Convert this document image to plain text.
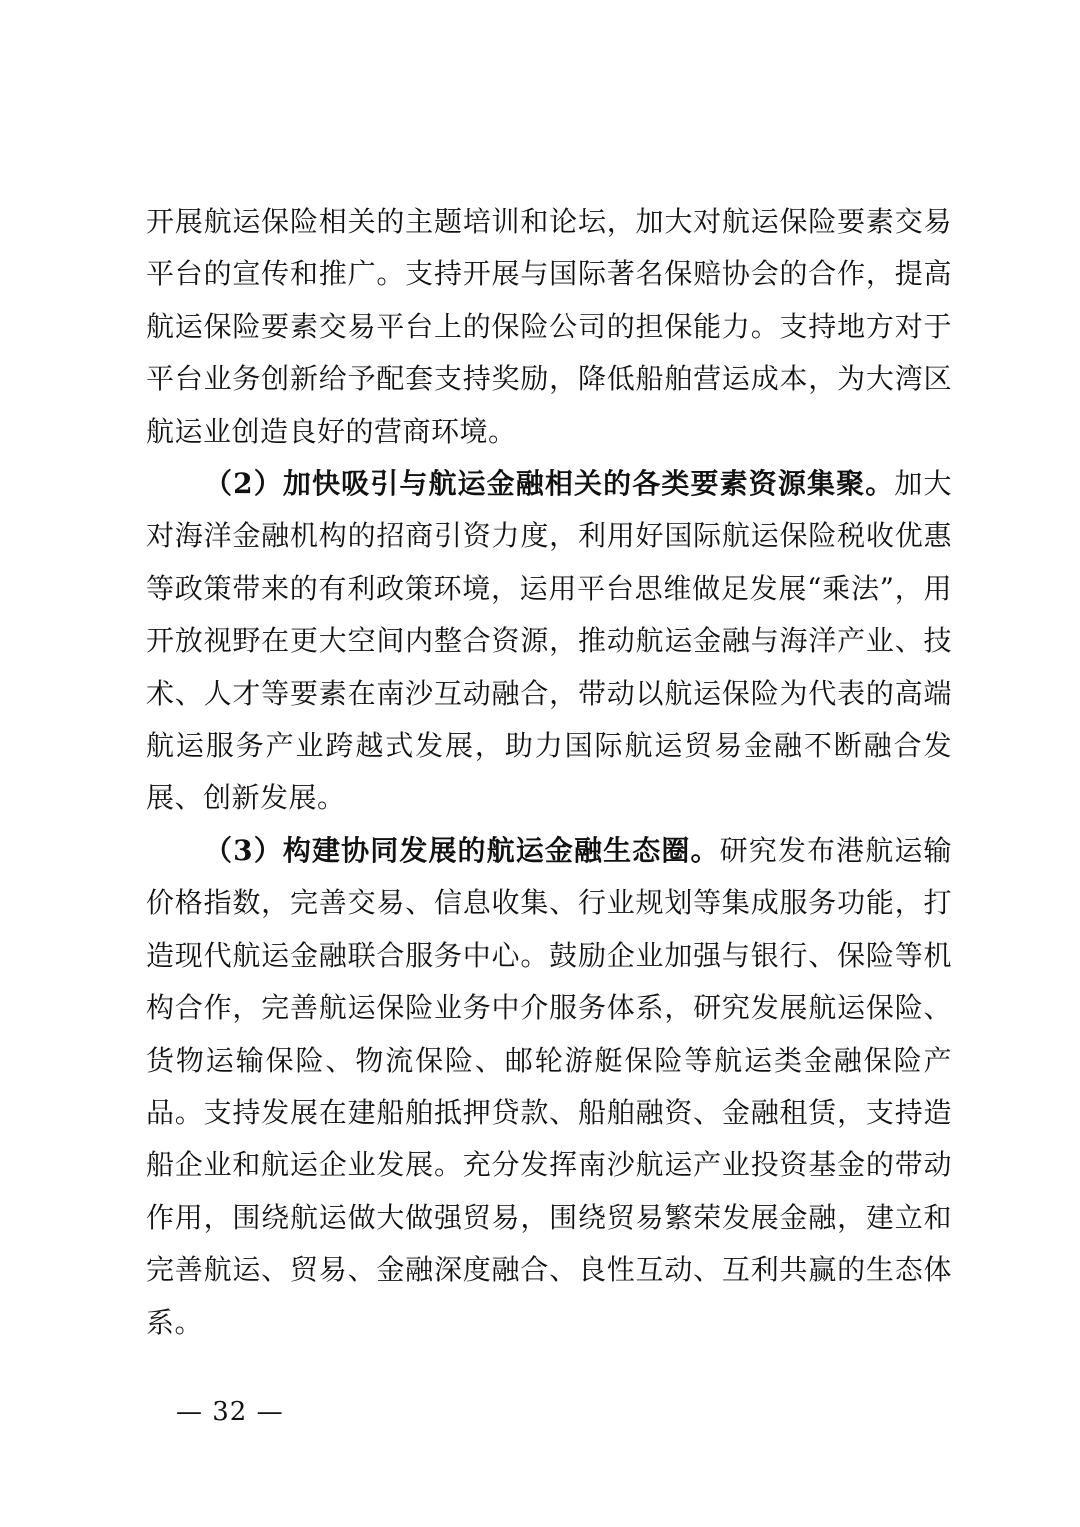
开展航运保险相关的主题培训和论坛，加大对航运保险要素交易平台的宣传和推广。支持开展与国际著名保赔协会的合作，提高航运保险要素交易平台上的保险公司的担保能力。支持地方对于平台业务创新给予配套支持奖励，降低船舶营运成本，为大湾区航运业创造良好的营商环境。

（2）加快吸引与航运金融相关的各类要素资源集聚。加大对海洋金融机构的招商引资力度，利用好国际航运保险税收优惠等政策带来的有利政策环境，运用平台思维做足发展“乘法”，用开放视野在更大空间内整合资源，推动航运金融与海洋产业、技术、人才等要素在南沙互动融合，带动以航运保险为代表的高端航运服务产业跨越式发展，助力国际航运贸易金融不断融合发展、创新发展。

（3）构建协同发展的航运金融生态圈。研究发布港航运输价格指数，完善交易、信息收集、行业规划等集成服务功能，打造现代航运金融联合服务中心。鼓励企业加强与银行、保险等机构合作，完善航运保险业务中介服务体系，研究发展航运保险、货物运输保险、物流保险、邮轮游艇保险等航运类金融保险产品。支持发展在建船舶抵押贷款、船舶融资、金融租赁，支持造船企业和航运企业发展。充分发挥南沙航运产业投资基金的带动作用，围绕航运做大做强贸易，围绕贸易繁荣发展金融，建立和完善航运、贸易、金融深度融合、良性互动、互利共赢的生态体系。

— 32 —
